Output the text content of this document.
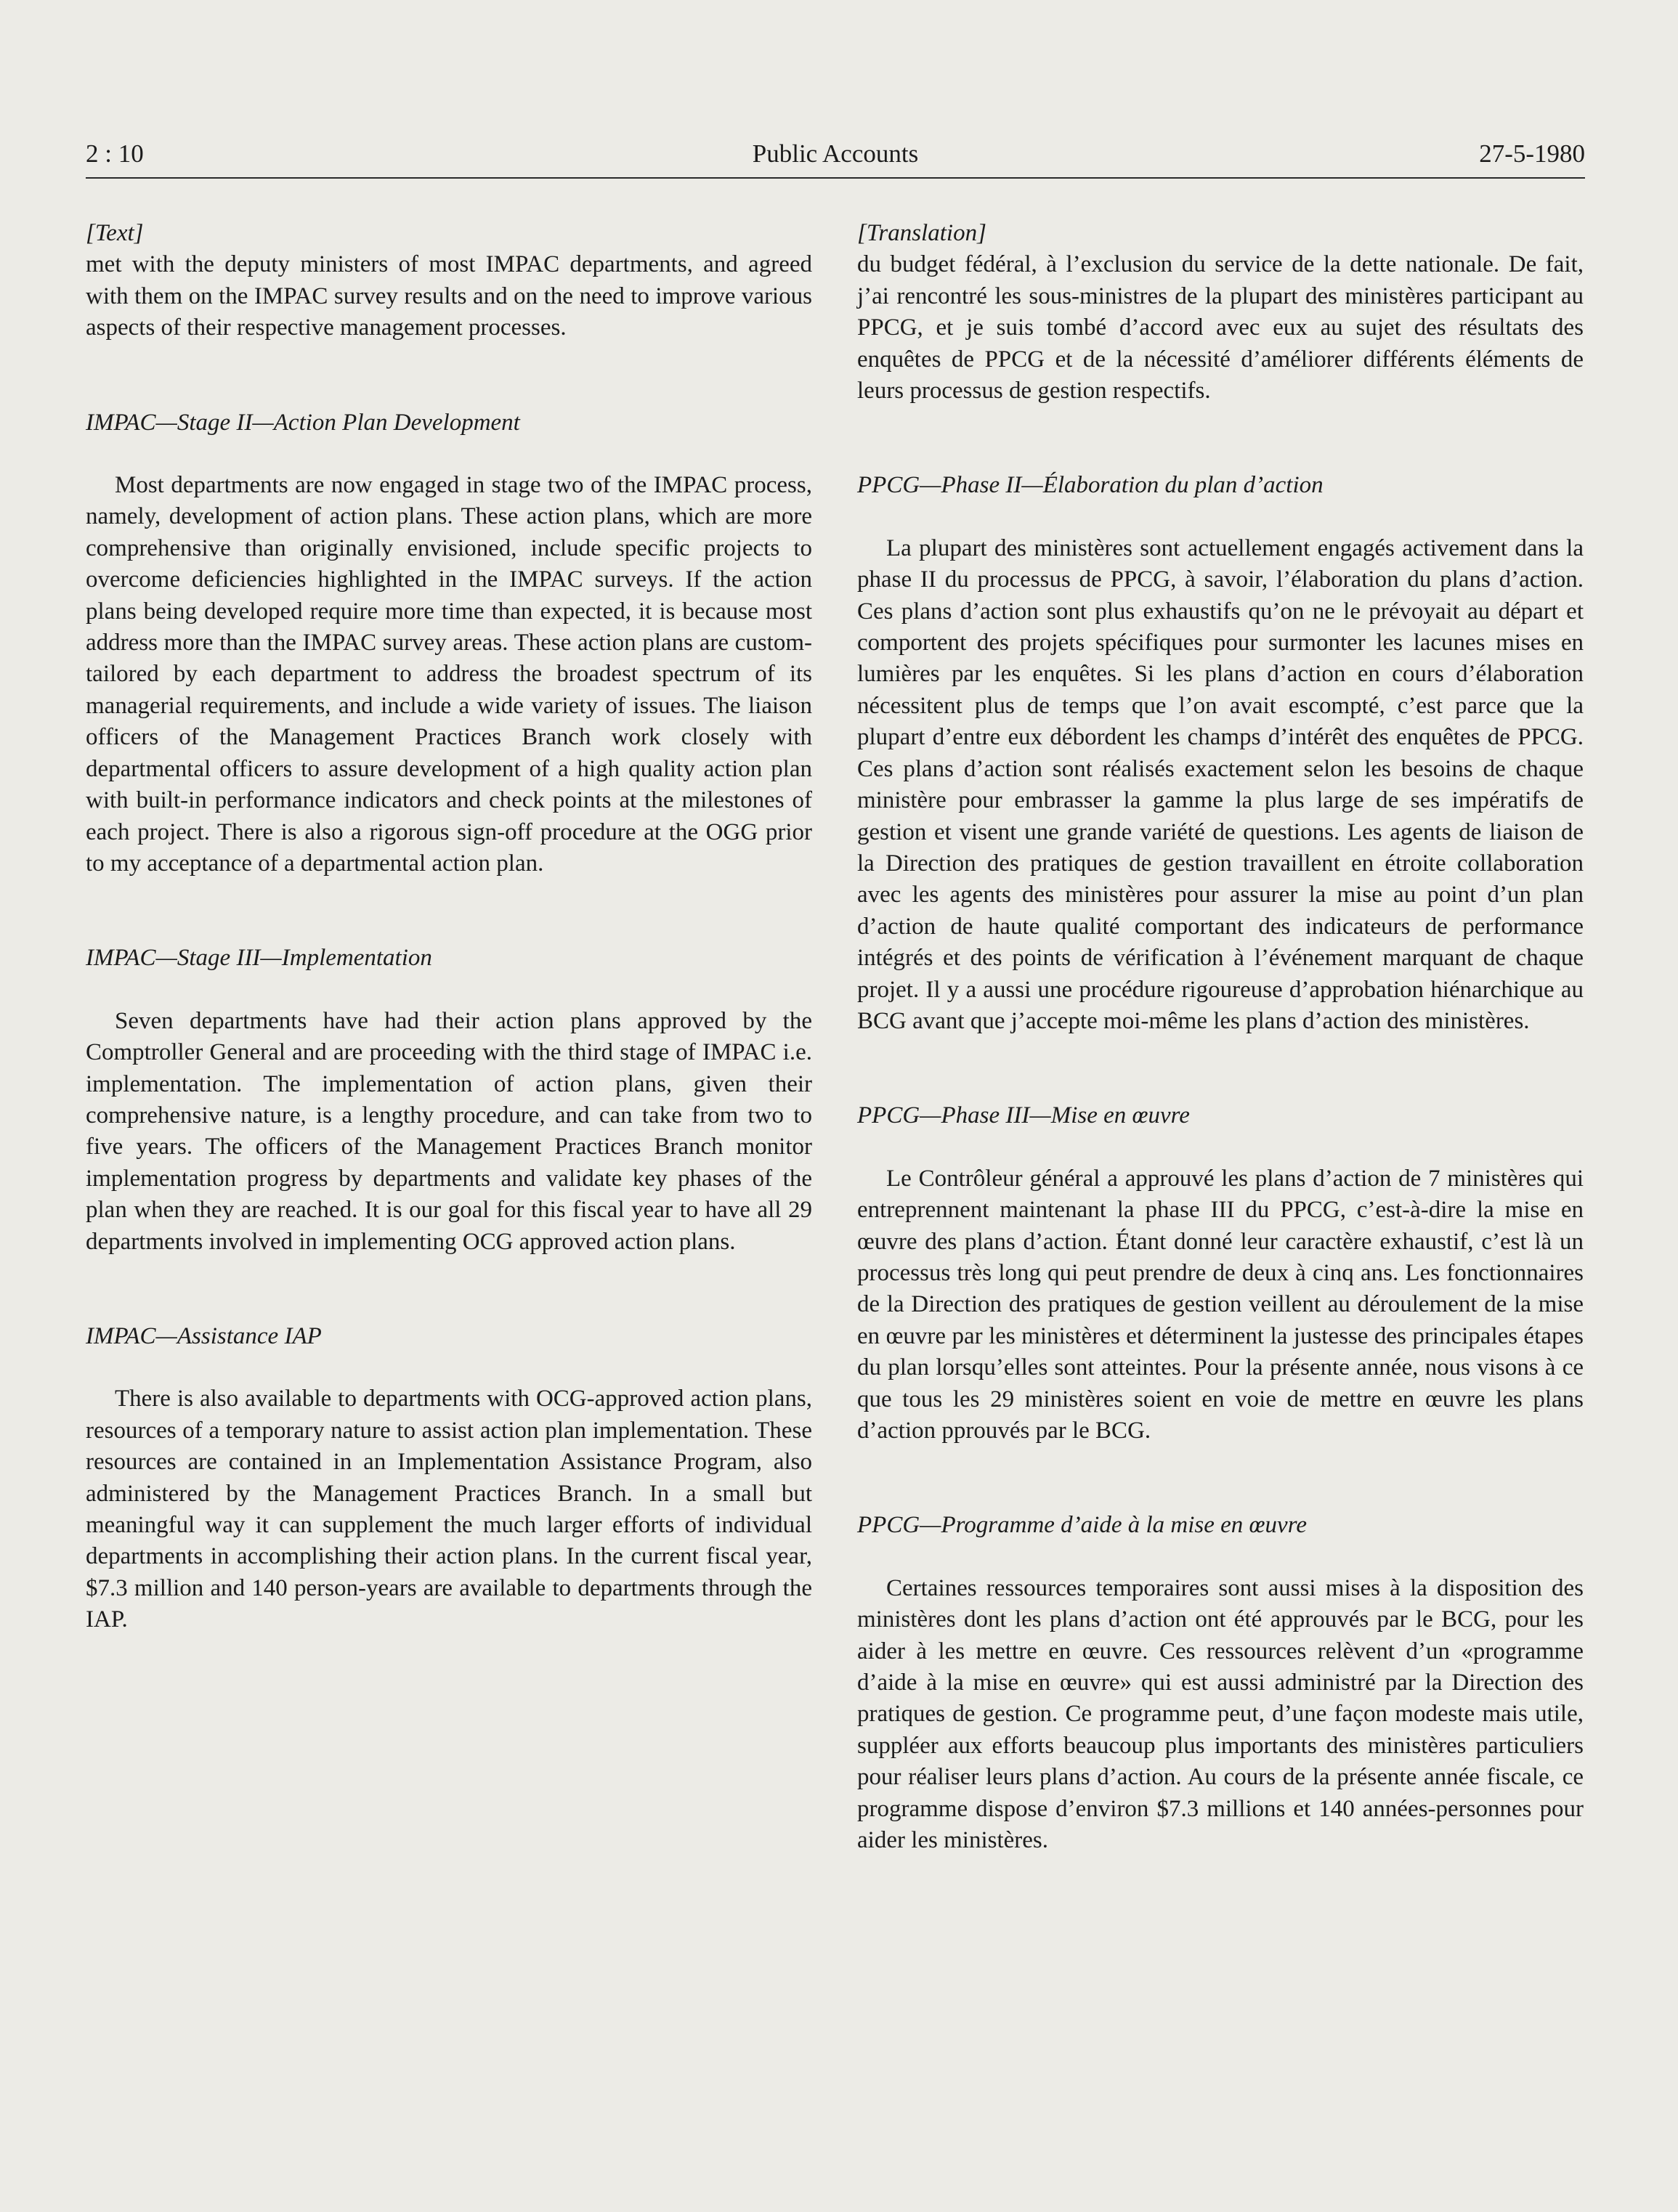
2 : 10	Public Accounts	27-5-1980

[Text]

met with the deputy ministers of most IMPAC departments, and agreed with them on the IMPAC survey results and on the need to improve various aspects of their respective management processes.

IMPAC—Stage II—Action Plan Development

Most departments are now engaged in stage two of the IMPAC process, namely, development of action plans. These action plans, which are more comprehensive than originally envisioned, include specific projects to overcome deficiencies highlighted in the IMPAC surveys. If the action plans being developed require more time than expected, it is because most address more than the IMPAC survey areas. These action plans are custom-tailored by each department to address the broadest spectrum of its managerial requirements, and include a wide variety of issues. The liaison officers of the Management Practices Branch work closely with departmental officers to assure development of a high quality action plan with built-in performance indicators and check points at the milestones of each project. There is also a rigorous sign-off procedure at the OGG prior to my acceptance of a departmental action plan.

IMPAC—Stage III—Implementation

Seven departments have had their action plans approved by the Comptroller General and are proceeding with the third stage of IMPAC i.e. implementation. The implementation of action plans, given their comprehensive nature, is a lengthy procedure, and can take from two to five years. The officers of the Management Practices Branch monitor implementation progress by departments and validate key phases of the plan when they are reached. It is our goal for this fiscal year to have all 29 departments involved in implementing OCG approved action plans.

IMPAC—Assistance IAP

There is also available to departments with OCG-approved action plans, resources of a temporary nature to assist action plan implementation. These resources are contained in an Implementation Assistance Program, also administered by the Management Practices Branch. In a small but meaningful way it can supplement the much larger efforts of individual departments in accomplishing their action plans. In the current fiscal year, $7.3 million and 140 person-years are available to departments through the IAP.

[Translation]

du budget fédéral, à l’exclusion du service de la dette nationale. De fait, j’ai rencontré les sous-ministres de la plupart des ministères participant au PPCG, et je suis tombé d’accord avec eux au sujet des résultats des enquêtes de PPCG et de la nécessité d’améliorer différents éléments de leurs processus de gestion respectifs.

PPCG—Phase II—Élaboration du plan d’action

La plupart des ministères sont actuellement engagés activement dans la phase II du processus de PPCG, à savoir, l’élaboration du plans d’action. Ces plans d’action sont plus exhaustifs qu’on ne le prévoyait au départ et comportent des projets spécifiques pour surmonter les lacunes mises en lumières par les enquêtes. Si les plans d’action en cours d’élaboration nécessitent plus de temps que l’on avait escompté, c’est parce que la plupart d’entre eux débordent les champs d’intérêt des enquêtes de PPCG. Ces plans d’action sont réalisés exactement selon les besoins de chaque ministère pour embrasser la gamme la plus large de ses impératifs de gestion et visent une grande variété de questions. Les agents de liaison de la Direction des pratiques de gestion travaillent en étroite collaboration avec les agents des ministères pour assurer la mise au point d’un plan d’action de haute qualité comportant des indicateurs de performance intégrés et des points de vérification à l’événement marquant de chaque projet. Il y a aussi une procédure rigoureuse d’approbation hiénarchique au BCG avant que j’accepte moi-même les plans d’action des ministères.

PPCG—Phase III—Mise en œuvre

Le Contrôleur général a approuvé les plans d’action de 7 ministères qui entreprennent maintenant la phase III du PPCG, c’est-à-dire la mise en œuvre des plans d’action. Étant donné leur caractère exhaustif, c’est là un processus très long qui peut prendre de deux à cinq ans. Les fonctionnaires de la Direction des pratiques de gestion veillent au déroulement de la mise en œuvre par les ministères et déterminent la justesse des principales étapes du plan lorsqu’elles sont atteintes. Pour la présente année, nous visons à ce que tous les 29 ministères soient en voie de mettre en œuvre les plans d’action pprouvés par le BCG.

PPCG—Programme d’aide à la mise en œuvre

Certaines ressources temporaires sont aussi mises à la disposition des ministères dont les plans d’action ont été approuvés par le BCG, pour les aider à les mettre en œuvre. Ces ressources relèvent d’un «programme d’aide à la mise en œuvre» qui est aussi administré par la Direction des pratiques de gestion. Ce programme peut, d’une façon modeste mais utile, suppléer aux efforts beaucoup plus importants des ministères particuliers pour réaliser leurs plans d’action. Au cours de la présente année fiscale, ce programme dispose d’environ $7.3 millions et 140 années-personnes pour aider les ministères.
